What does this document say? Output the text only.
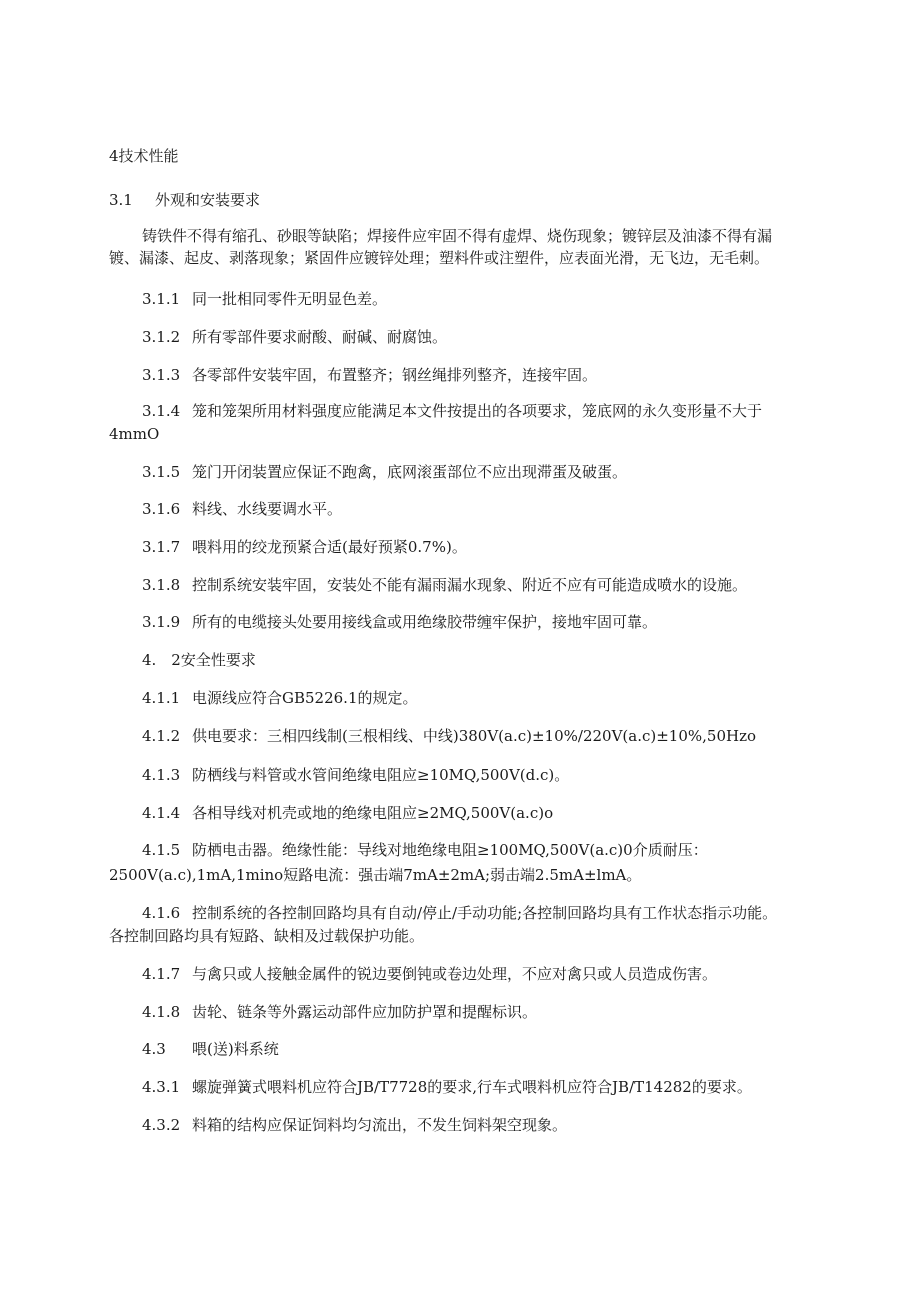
4技术性能
3.1 外观和安装要求
铸铁件不得有缩孔、砂眼等缺陷；焊接件应牢固不得有虚焊、烧伤现象；镀锌层及油漆不得有漏
镀、漏漆、起皮、剥落现象；紧固件应镀锌处理；塑料件或注塑件，应表面光滑，无飞边，无毛刺。
3.1.1 同一批相同零件无明显色差。
3.1.2 所有零部件要求耐酸、耐碱、耐腐蚀。
3.1.3 各零部件安装牢固，布置整齐；钢丝绳排列整齐，连接牢固。
3.1.4 笼和笼架所用材料强度应能满足本文件按提出的各项要求，笼底网的永久变形量不大于
4mmO
3.1.5 笼门开闭装置应保证不跑禽，底网滚蛋部位不应出现滞蛋及破蛋。
3.1.6 料线、水线要调水平。
3.1.7 喂料用的绞龙预紧合适(最好预紧0.7%)。
3.1.8 控制系统安装牢固，安装处不能有漏雨漏水现象、附近不应有可能造成喷水的设施。
3.1.9 所有的电缆接头处要用接线盒或用绝缘胶带缠牢保护，接地牢固可靠。
4.　2安全性要求
4.1.1 电源线应符合GB5226.1的规定。
4.1.2 供电要求：三相四线制(三根相线、中线)380V(a.c)±10%/220V(a.c)±10%,50Hzo
4.1.3 防栖线与料管或水管间绝缘电阻应≥10MQ,500V(d.c)。
4.1.4 各相导线对机壳或地的绝缘电阻应≥2MQ,500V(a.c)o
4.1.5 防栖电击器。绝缘性能：导线对地绝缘电阻≥100MQ,500V(a.c)0介质耐压：
2500V(a.c),1mA,1mino短路电流：强击端7mA±2mA;弱击端2.5mA±lmA。
4.1.6 控制系统的各控制回路均具有自动/停止/手动功能;各控制回路均具有工作状态指示功能。
各控制回路均具有短路、缺相及过载保护功能。
4.1.7 与禽只或人接触金属件的锐边要倒钝或卷边处理，不应对禽只或人员造成伤害。
4.1.8 齿轮、链条等外露运动部件应加防护罩和提醒标识。
4.3 喂(送)料系统
4.3.1 螺旋弹簧式喂料机应符合JB/T7728的要求,行车式喂料机应符合JB/T14282的要求。
4.3.2 料箱的结构应保证饲料均匀流出，不发生饲料架空现象。
